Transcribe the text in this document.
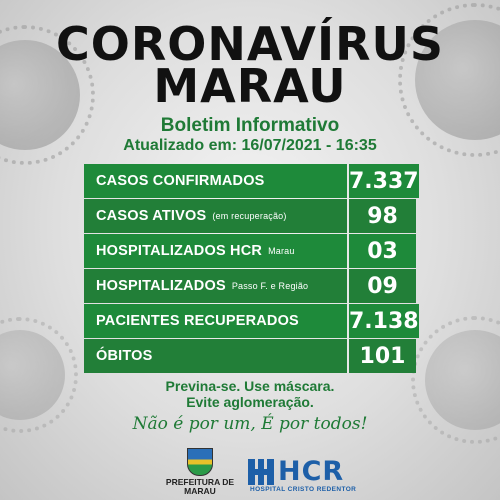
CORONAVÍRUS
MARAU
Boletim Informativo
Atualizado em: 16/07/2021 - 16:35
CASOS CONFIRMADOS	7.337
CASOS ATIVOS (em recuperação)	98
HOSPITALIZADOS HCR Marau	03
HOSPITALIZADOS Passo F. e Região	09
PACIENTES RECUPERADOS 7.138
ÓBITOS	101
Previna-se. Use máscara.
Evite aglomeração.
Não é por um, É por todos!
PREFEITURA DE MARAU
HCR
HOSPITAL CRISTO REDENTOR
